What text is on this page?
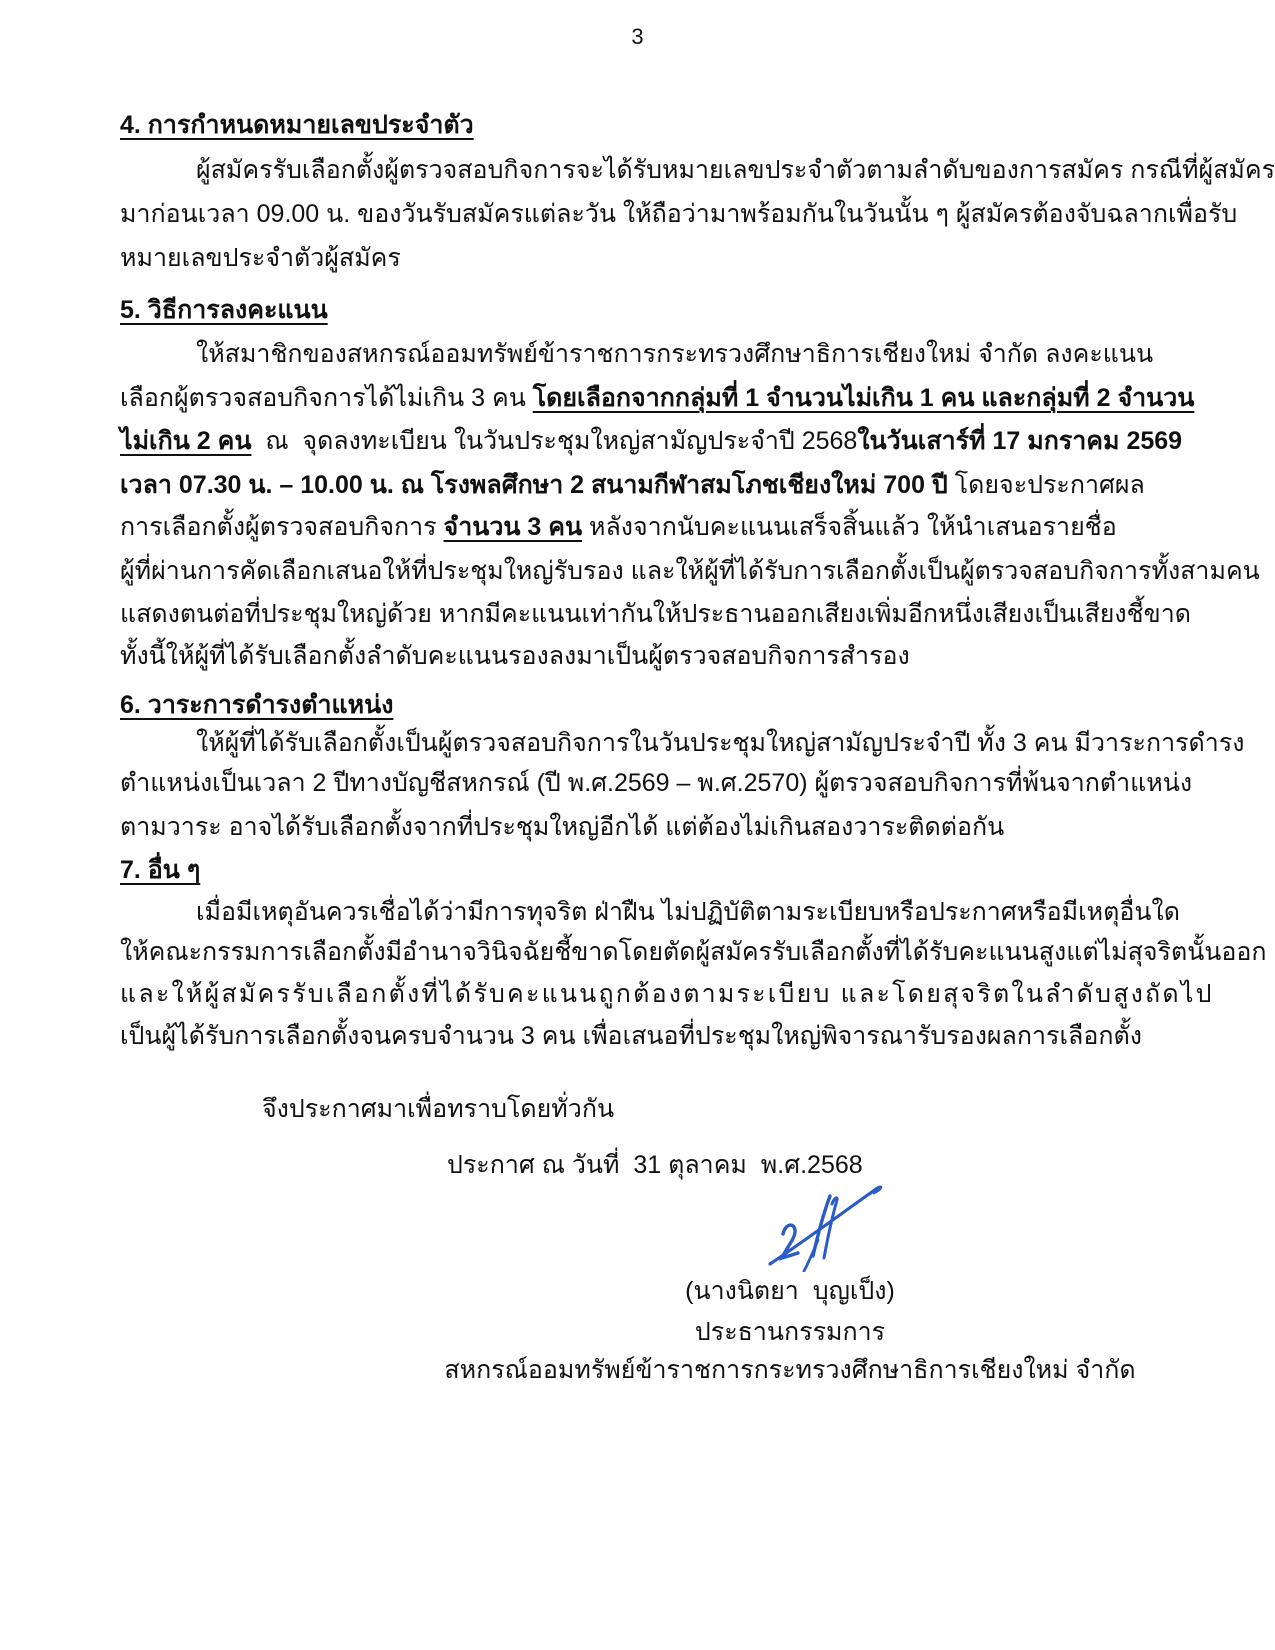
3
4. การกำหนดหมายเลขประจำตัว
ผู้สมัครรับเลือกตั้งผู้ตรวจสอบกิจการจะได้รับหมายเลขประจำตัวตามลำดับของการสมัคร กรณีที่ผู้สมัคร
มาก่อนเวลา 09.00 น. ของวันรับสมัครแต่ละวัน ให้ถือว่ามาพร้อมกันในวันนั้น ๆ ผู้สมัครต้องจับฉลากเพื่อรับ
หมายเลขประจำตัวผู้สมัคร
5. วิธีการลงคะแนน
ให้สมาชิกของสหกรณ์ออมทรัพย์ข้าราชการกระทรวงศึกษาธิการเชียงใหม่ จำกัด ลงคะแนน
เลือกผู้ตรวจสอบกิจการได้ไม่เกิน 3 คน โดยเลือกจากกลุ่มที่ 1 จำนวนไม่เกิน 1 คน และกลุ่มที่ 2 จำนวน
ไม่เกิน 2 คน  ณ  จุดลงทะเบียน ในวันประชุมใหญ่สามัญประจำปี 2568ในวันเสาร์ที่ 17 มกราคม 2569
เวลา 07.30 น. – 10.00 น. ณ โรงพลศึกษา 2 สนามกีฬาสมโภชเชียงใหม่ 700 ปี โดยจะประกาศผล
การเลือกตั้งผู้ตรวจสอบกิจการ จำนวน 3 คน หลังจากนับคะแนนเสร็จสิ้นแล้ว ให้นำเสนอรายชื่อ
ผู้ที่ผ่านการคัดเลือกเสนอให้ที่ประชุมใหญ่รับรอง และให้ผู้ที่ได้รับการเลือกตั้งเป็นผู้ตรวจสอบกิจการทั้งสามคน
แสดงตนต่อที่ประชุมใหญ่ด้วย หากมีคะแนนเท่ากันให้ประธานออกเสียงเพิ่มอีกหนึ่งเสียงเป็นเสียงชี้ขาด
ทั้งนี้ให้ผู้ที่ได้รับเลือกตั้งลำดับคะแนนรองลงมาเป็นผู้ตรวจสอบกิจการสำรอง
6. วาระการดำรงตำแหน่ง
ให้ผู้ที่ได้รับเลือกตั้งเป็นผู้ตรวจสอบกิจการในวันประชุมใหญ่สามัญประจำปี ทั้ง 3 คน มีวาระการดำรง
ตำแหน่งเป็นเวลา 2 ปีทางบัญชีสหกรณ์ (ปี พ.ศ.2569 – พ.ศ.2570) ผู้ตรวจสอบกิจการที่พ้นจากตำแหน่ง
ตามวาระ อาจได้รับเลือกตั้งจากที่ประชุมใหญ่อีกได้ แต่ต้องไม่เกินสองวาระติดต่อกัน
7. อื่น ๆ
เมื่อมีเหตุอันควรเชื่อได้ว่ามีการทุจริต ฝ่าฝืน ไม่ปฏิบัติตามระเบียบหรือประกาศหรือมีเหตุอื่นใด
ให้คณะกรรมการเลือกตั้งมีอำนาจวินิจฉัยชี้ขาดโดยตัดผู้สมัครรับเลือกตั้งที่ได้รับคะแนนสูงแต่ไม่สุจริตนั้นออก
และให้ผู้สมัครรับเลือกตั้งที่ได้รับคะแนนถูกต้องตามระเบียบ และโดยสุจริตในลำดับสูงถัดไป
เป็นผู้ได้รับการเลือกตั้งจนครบจำนวน 3 คน เพื่อเสนอที่ประชุมใหญ่พิจารณารับรองผลการเลือกตั้ง
จึงประกาศมาเพื่อทราบโดยทั่วกัน
ประกาศ ณ วันที่  31 ตุลาคม  พ.ศ.2568
(นางนิตยา  บุญเป็ง)
ประธานกรรมการ
สหกรณ์ออมทรัพย์ข้าราชการกระทรวงศึกษาธิการเชียงใหม่ จำกัด
